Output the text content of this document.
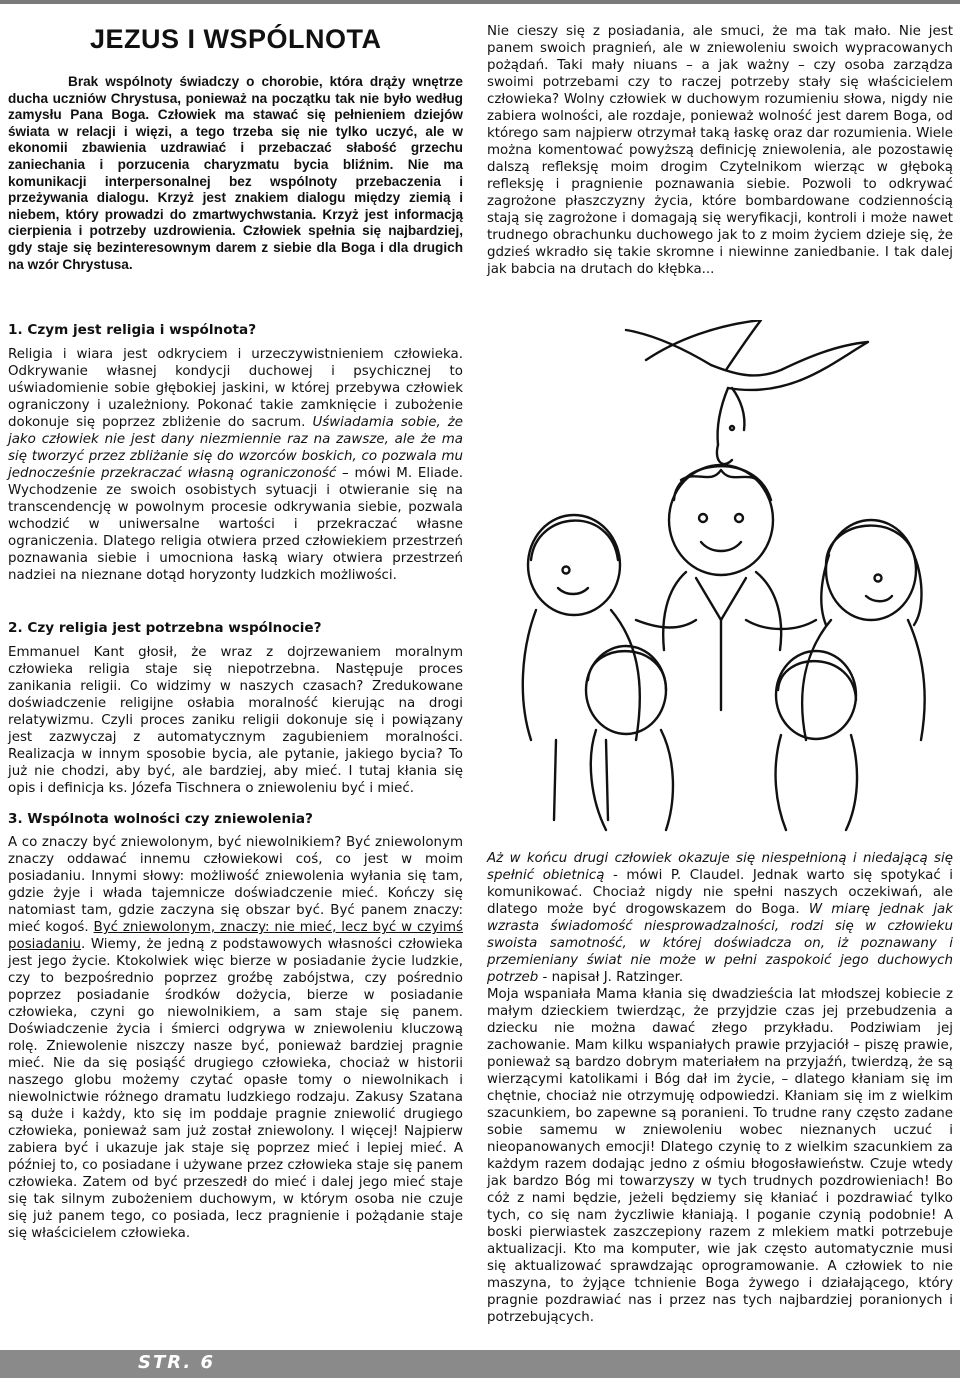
JEZUS I WSPÓLNOTA

Brak wspólnoty świadczy o chorobie, która drąży wnętrze ducha uczniów Chrystusa, ponieważ na początku tak nie było według zamysłu Pana Boga. Człowiek ma stawać się pełnieniem dziejów świata w relacji i więzi, a tego trzeba się nie tylko uczyć, ale w ekonomii zbawienia uzdrawiać i przebaczać słabość grzechu zaniechania i porzucenia charyzmatu bycia bliźnim. Nie ma komunikacji interpersonalnej bez wspólnoty przebaczenia i przeżywania dialogu. Krzyż jest znakiem dialogu między ziemią i niebem, który prowadzi do zmartwychwstania. Krzyż jest informacją cierpienia i potrzeby uzdrowienia. Człowiek spełnia się najbardziej, gdy staje się bezinteresownym darem z siebie dla Boga i dla drugich na wzór Chrystusa.

1. Czym jest religia i wspólnota?

Religia i wiara jest odkryciem i urzeczywistnieniem człowieka. Odkrywanie własnej kondycji duchowej i psychicznej to uświadomienie sobie głębokiej jaskini, w której przebywa człowiek ograniczony i uzależniony. Pokonać takie zamknięcie i zubożenie dokonuje się poprzez zbliżenie do sacrum. Uświadamia sobie, że jako człowiek nie jest dany niezmiennie raz na zawsze, ale że ma się tworzyć przez zbliżanie się do wzorców boskich, co pozwala mu jednocześnie przekraczać własną ograniczoność – mówi M. Eliade. Wychodzenie ze swoich osobistych sytuacji i otwieranie się na transcendencję w powolnym procesie odkrywania siebie, pozwala wchodzić w uniwersalne wartości i przekraczać własne ograniczenia. Dlatego religia otwiera przed człowiekiem przestrzeń poznawania siebie i umocniona łaską wiary otwiera przestrzeń nadziei na nieznane dotąd horyzonty ludzkich możliwości.

2. Czy religia jest potrzebna wspólnocie?

Emmanuel Kant głosił, że wraz z dojrzewaniem moralnym człowieka religia staje się niepotrzebna. Następuje proces zanikania religii. Co widzimy w naszych czasach? Zredukowane doświadczenie religijne osłabia moralność kierując na drogi relatywizmu. Czyli proces zaniku religii dokonuje się i powiązany jest zazwyczaj z automatycznym zagubieniem moralności. Realizacja w innym sposobie bycia, ale pytanie, jakiego bycia? To już nie chodzi, aby być, ale bardziej, aby mieć. I tutaj kłania się opis i definicja ks. Józefa Tischnera o zniewoleniu być i mieć.

3. Wspólnota wolności czy zniewolenia?

A co znaczy być zniewolonym, być niewolnikiem? Być zniewolonym znaczy oddawać innemu człowiekowi coś, co jest w moim posiadaniu. Innymi słowy: możliwość zniewolenia wyłania się tam, gdzie żyje i włada tajemnicze doświadczenie mieć. Kończy się natomiast tam, gdzie zaczyna się obszar być. Być panem znaczy: mieć kogoś. Być zniewolonym, znaczy: nie mieć, lecz być w czyimś posiadaniu. Wiemy, że jedną z podstawowych własności człowieka jest jego życie. Ktokolwiek więc bierze w posiadanie życie ludzkie, czy to bezpośrednio poprzez groźbę zabójstwa, czy pośrednio poprzez posiadanie środków dożycia, bierze w posiadanie człowieka, czyni go niewolnikiem, a sam staje się panem. Doświadczenie życia i śmierci odgrywa w zniewoleniu kluczową rolę. Zniewolenie niszczy nasze być, ponieważ bardziej pragnie mieć. Nie da się posiąść drugiego człowieka, chociaż w historii naszego globu możemy czytać opasłe tomy o niewolnikach i niewolnictwie różnego dramatu ludzkiego rodzaju. Zakusy Szatana są duże i każdy, kto się im poddaje pragnie zniewolić drugiego człowieka, ponieważ sam już został zniewolony. I więcej! Najpierw zabiera być i ukazuje jak staje się poprzez mieć i lepiej mieć. A później to, co posiadane i używane przez człowieka staje się panem człowieka. Zatem od być przeszedł do mieć i dalej jego mieć staje się tak silnym zubożeniem duchowym, w którym osoba nie czuje się już panem tego, co posiada, lecz pragnienie i pożądanie staje się właścicielem człowieka.

Nie cieszy się z posiadania, ale smuci, że ma tak mało. Nie jest panem swoich pragnień, ale w zniewoleniu swoich wypracowanych pożądań. Taki mały niuans – a jak ważny – czy osoba zarządza swoimi potrzebami czy to raczej potrzeby stały się właścicielem człowieka? Wolny człowiek w duchowym rozumieniu słowa, nigdy nie zabiera wolności, ale rozdaje, ponieważ wolność jest darem Boga, od którego sam najpierw otrzymał taką łaskę oraz dar rozumienia. Wiele można komentować powyższą definicję zniewolenia, ale pozostawię dalszą refleksję moim drogim Czytelnikom wierząc w głęboką refleksję i pragnienie poznawania siebie. Pozwoli to odkrywać zagrożone płaszczyzny życia, które bombardowane codziennością stają się zagrożone i domagają się weryfikacji, kontroli i może nawet trudnego obrachunku duchowego jak to z moim życiem dzieje się, że gdzieś wkradło się takie skromne i niewinne zaniedbanie. I tak dalej jak babcia na drutach do kłębka...

Aż w końcu drugi człowiek okazuje się niespełnioną i niedającą się spełnić obietnicą - mówi P. Claudel. Jednak warto się spotykać i komunikować. Chociaż nigdy nie spełni naszych oczekiwań, ale dlatego może być drogowskazem do Boga. W miarę jednak jak wzrasta świadomość niesprowadzalności, rodzi się w człowieku swoista samotność, w której doświadcza on, iż poznawany i przemieniany świat nie może w pełni zaspokoić jego duchowych potrzeb - napisał J. Ratzinger.

Moja wspaniała Mama kłania się dwadzieścia lat młodszej kobiecie z małym dzieckiem twierdząc, że przyjdzie czas jej przebudzenia a dziecku nie można dawać złego przykładu. Podziwiam jej zachowanie. Mam kilku wspaniałych prawie przyjaciół – piszę prawie, ponieważ są bardzo dobrym materiałem na przyjaźń, twierdzą, że są wierzącymi katolikami i Bóg dał im życie, – dlatego kłaniam się im chętnie, chociaż nie otrzymuję odpowiedzi. Kłaniam się im z wielkim szacunkiem, bo zapewne są poranieni. To trudne rany często zadane sobie samemu w zniewoleniu wobec nieznanych uczuć i nieopanowanych emocji! Dlatego czynię to z wielkim szacunkiem za każdym razem dodając jedno z ośmiu błogosławieństw. Czuje wtedy jak bardzo Bóg mi towarzyszy w tych trudnych pozdrowieniach! Bo cóż z nami będzie, jeżeli będziemy się kłaniać i pozdrawiać tylko tych, co się nam życzliwie kłaniają. I poganie czynią podobnie! A boski pierwiastek zaszczepiony razem z mlekiem matki potrzebuje aktualizacji. Kto ma komputer, wie jak często automatycznie musi się aktualizować sprawdzając oprogramowanie. A człowiek to nie maszyna, to żyjące tchnienie Boga żywego i działającego, który pragnie pozdrawiać nas i przez nas tych najbardziej poranionych i potrzebujących.

STR. 6
